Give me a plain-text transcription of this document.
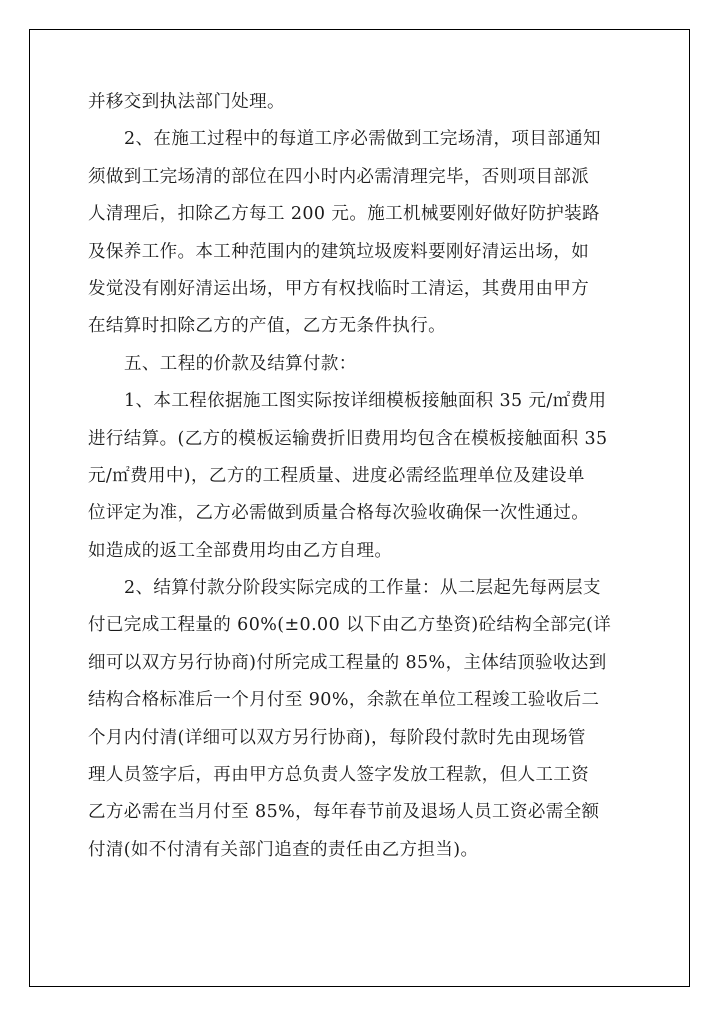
并移交到执法部门处理。
2、在施工过程中的每道工序必需做到工完场清，项目部通知
须做到工完场清的部位在四小时内必需清理完毕，否则项目部派
人清理后，扣除乙方每工 200 元。施工机械要刚好做好防护装路
及保养工作。本工种范围内的建筑垃圾废料要刚好清运出场，如
发觉没有刚好清运出场，甲方有权找临时工清运，其费用由甲方
在结算时扣除乙方的产值，乙方无条件执行。
五、工程的价款及结算付款：
1、本工程依据施工图实际按详细模板接触面积 35 元/㎡费用
进行结算。(乙方的模板运输费折旧费用均包含在模板接触面积 35
元/㎡费用中)，乙方的工程质量、进度必需经监理单位及建设单
位评定为准，乙方必需做到质量合格每次验收确保一次性通过。
如造成的返工全部费用均由乙方自理。
2、结算付款分阶段实际完成的工作量：从二层起先每两层支
付已完成工程量的 60%(±0.00 以下由乙方垫资)砼结构全部完(详
细可以双方另行协商)付所完成工程量的 85%，主体结顶验收达到
结构合格标准后一个月付至 90%，余款在单位工程竣工验收后二
个月内付清(详细可以双方另行协商)，每阶段付款时先由现场管
理人员签字后，再由甲方总负责人签字发放工程款，但人工工资
乙方必需在当月付至 85%，每年春节前及退场人员工资必需全额
付清(如不付清有关部门追查的责任由乙方担当)。
